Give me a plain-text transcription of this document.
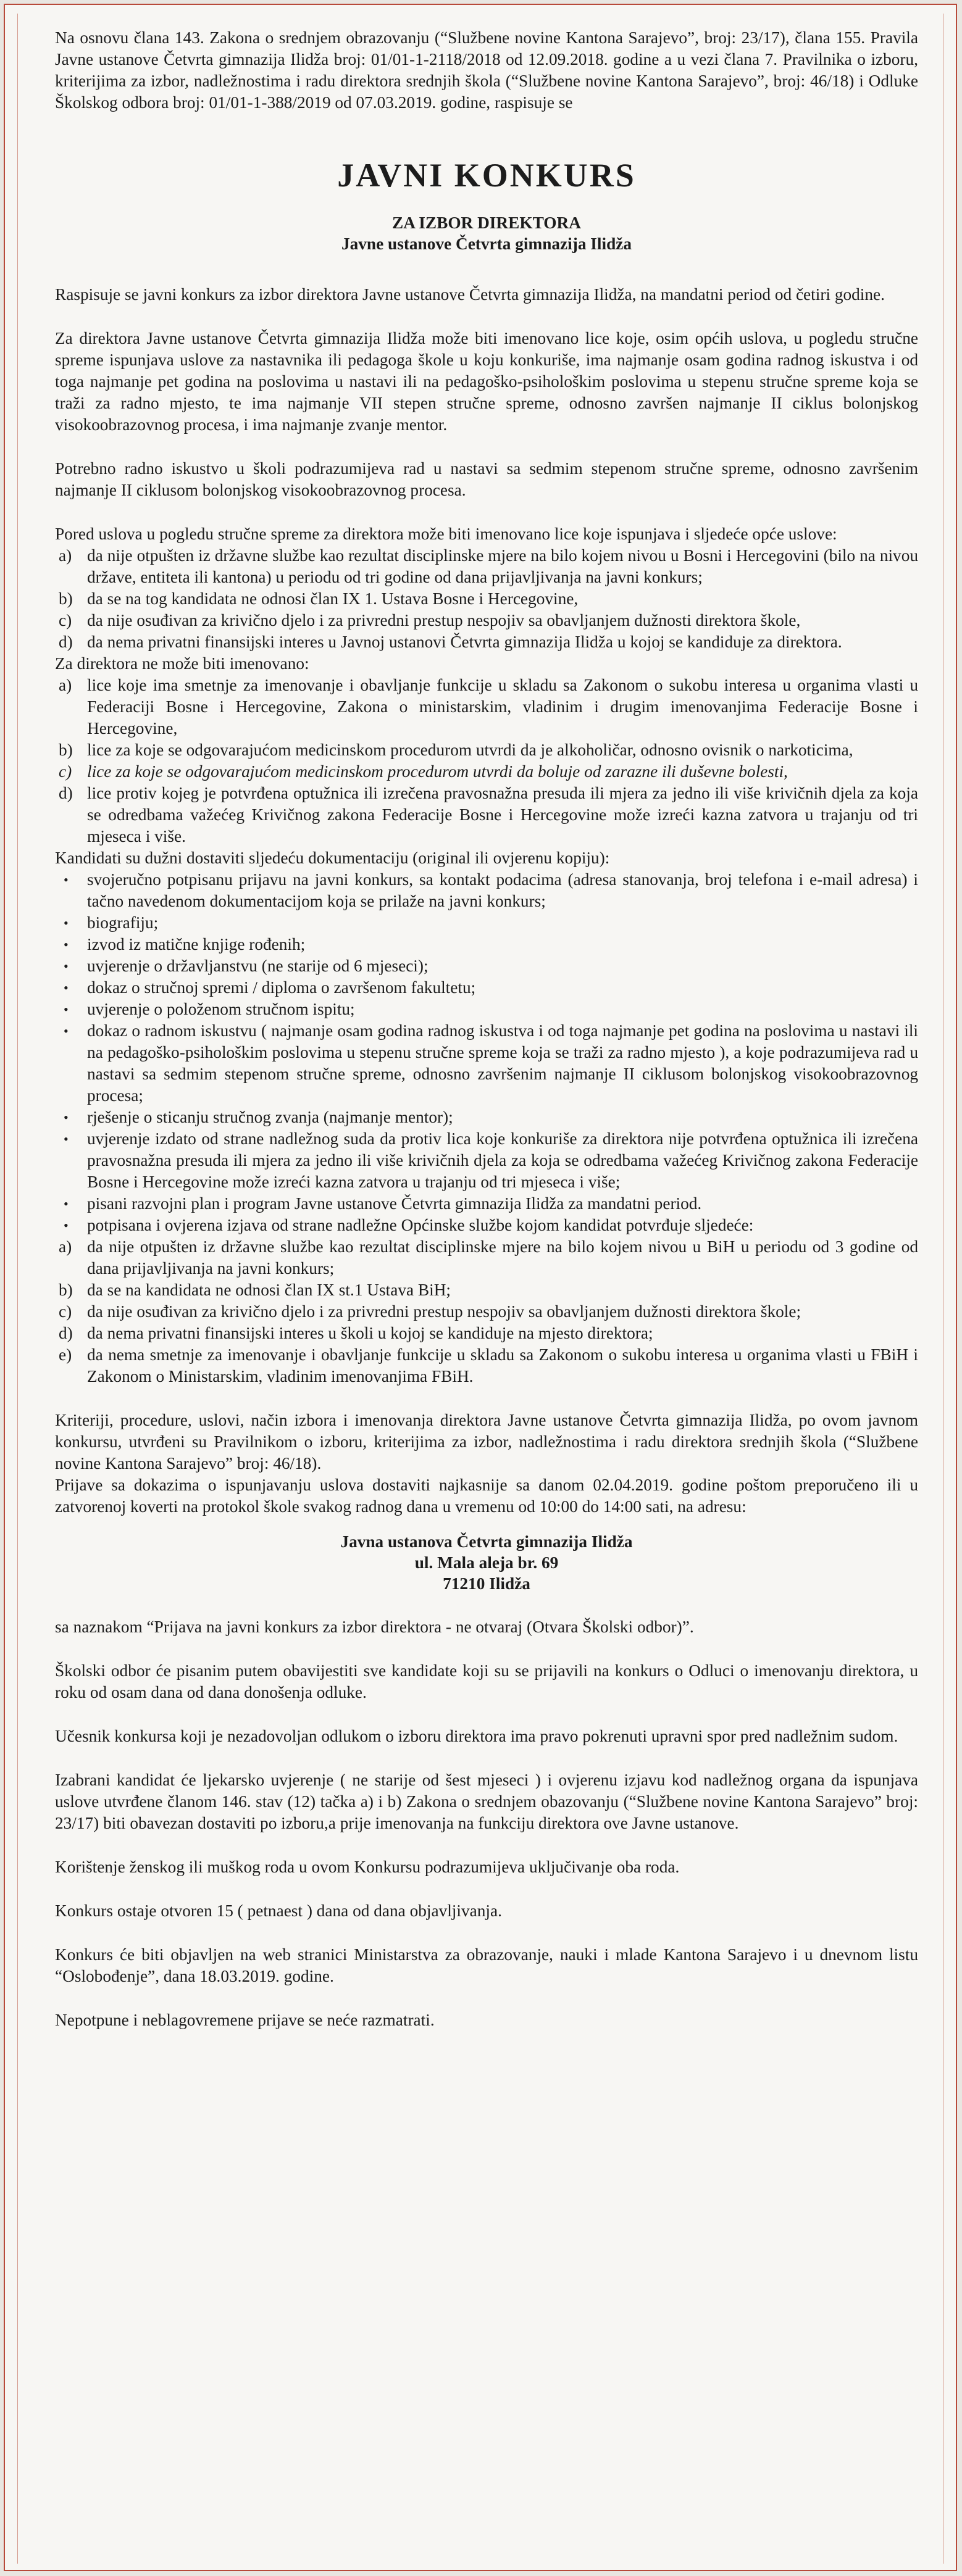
Na osnovu člana 143. Zakona o srednjem obrazovanju (“Službene novine Kantona Sarajevo”, broj: 23/17), člana 155. Pravila Javne ustanove Četvrta gimnazija Ilidža broj: 01/01-1-2118/2018 od 12.09.2018. godine a u vezi člana 7. Pravilnika o izboru, kriterijima za izbor, nadležnostima i radu direktora srednjih škola (“Službene novine Kantona Sarajevo”, broj: 46/18) i Odluke Školskog odbora broj: 01/01-1-388/2019 od 07.03.2019. godine, raspisuje se

JAVNI KONKURS
ZA IZBOR DIREKTORA
Javne ustanove Četvrta gimnazija Ilidža

Raspisuje se javni konkurs za izbor direktora Javne ustanove Četvrta gimnazija Ilidža, na mandatni period od četiri godine.

Za direktora Javne ustanove Četvrta gimnazija Ilidža može biti imenovano lice koje, osim općih uslova, u pogledu stručne spreme ispunjava uslove za nastavnika ili pedagoga škole u koju konkuriše, ima najmanje osam godina radnog iskustva i od toga najmanje pet godina na poslovima u nastavi ili na pedagoško-psihološkim poslovima u stepenu stručne spreme koja se traži za radno mjesto, te ima najmanje VII stepen stručne spreme, odnosno završen najmanje II ciklus bolonjskog visokoobrazovnog procesa, i ima najmanje zvanje mentor.

Potrebno radno iskustvo u školi podrazumijeva rad u nastavi sa sedmim stepenom stručne spreme, odnosno završenim najmanje II ciklusom bolonjskog visokoobrazovnog procesa.

Pored uslova u pogledu stručne spreme za direktora može biti imenovano lice koje ispunjava i sljedeće opće uslove:

a) da nije otpušten iz državne službe kao rezultat disciplinske mjere na bilo kojem nivou u Bosni i Hercegovini (bilo na nivou države, entiteta ili kantona) u periodu od tri godine od dana prijavljivanja na javni konkurs;
b) da se na tog kandidata ne odnosi član IX 1. Ustava Bosne i Hercegovine,
c) da nije osuđivan za krivično djelo i za privredni prestup nespojiv sa obavljanjem dužnosti direktora škole,
d) da nema privatni finansijski interes u Javnoj ustanovi Četvrta gimnazija Ilidža u kojoj se kandiduje za direktora.

Za direktora ne može biti imenovano:

a) lice koje ima smetnje za imenovanje i obavljanje funkcije u skladu sa Zakonom o sukobu interesa u organima vlasti u Federaciji Bosne i Hercegovine, Zakona o ministarskim, vladinim i drugim imenovanjima Federacije Bosne i Hercegovine,
b) lice za koje se odgovarajućom medicinskom procedurom utvrdi da je alkoholičar, odnosno ovisnik o narkoticima,
c) lice za koje se odgovarajućom medicinskom procedurom utvrdi da boluje od zarazne ili duševne bolesti,
d) lice protiv kojeg je potvrđena optužnica ili izrečena pravosnažna presuda ili mjera za jedno ili više krivičnih djela za koja se odredbama važećeg Krivičnog zakona Federacije Bosne i Hercegovine može izreći kazna zatvora u trajanju od tri mjeseca i više.

Kandidati su dužni dostaviti sljedeću dokumentaciju (original ili ovjerenu kopiju):

•	svojeručno potpisanu prijavu na javni konkurs, sa kontakt podacima (adresa stanovanja, broj telefona i e-mail adresa) i tačno navedenom dokumentacijom koja se prilaže na javni konkurs;
•	biografiju;
•	izvod iz matične knjige rođenih;
•	uvjerenje o državljanstvu (ne starije od 6 mjeseci);
•	dokaz o stručnoj spremi / diploma o završenom fakultetu;
•	uvjerenje o položenom stručnom ispitu;
•	dokaz o radnom iskustvu ( najmanje osam godina radnog iskustva i od toga najmanje pet godina na poslovima u nastavi ili na pedagoško-psihološkim poslovima u stepenu stručne spreme koja se traži za radno mjesto ), a koje podrazumijeva rad u nastavi sa sedmim stepenom stručne spreme, odnosno završenim najmanje II ciklusom bolonjskog visokoobrazovnog procesa;
•	rješenje o sticanju stručnog zvanja (najmanje mentor);
•	uvjerenje izdato od strane nadležnog suda da protiv lica koje konkuriše za direktora nije potvrđena optužnica ili izrečena pravosnažna presuda ili mjera za jedno ili više krivičnih djela za koja se odredbama važećeg Krivičnog zakona Federacije Bosne i Hercegovine može izreći kazna zatvora u trajanju od tri mjeseca i više;
•	pisani razvojni plan i program Javne ustanove Četvrta gimnazija Ilidža za mandatni period.
•	potpisana i ovjerena izjava od strane nadležne Općinske službe kojom kandidat potvrđuje sljedeće:
a) da nije otpušten iz državne službe kao rezultat disciplinske mjere na bilo kojem nivou u BiH u periodu od 3 godine od dana prijavljivanja na javni konkurs;
b) da se na kandidata ne odnosi član IX st.1 Ustava BiH;
c) da nije osuđivan za krivično djelo i za privredni prestup nespojiv sa obavljanjem dužnosti direktora škole;
d) da nema privatni finansijski interes u školi u kojoj se kandiduje na mjesto direktora;
e) da nema smetnje za imenovanje i obavljanje funkcije u skladu sa Zakonom o sukobu interesa u organima vlasti u FBiH i Zakonom o Ministarskim, vladinim imenovanjima FBiH.

Kriteriji, procedure, uslovi, način izbora i imenovanja direktora Javne ustanove Četvrta gimnazija Ilidža, po ovom javnom konkursu, utvrđeni su Pravilnikom o izboru, kriterijima za izbor, nadležnostima i radu direktora srednjih škola (“Službene novine Kantona Sarajevo” broj: 46/18).

Prijave sa dokazima o ispunjavanju uslova dostaviti najkasnije sa danom 02.04.2019. godine poštom preporučeno ili u zatvorenoj koverti na protokol škole svakog radnog dana u vremenu od 10:00 do 14:00 sati, na adresu:

Javna ustanova Četvrta gimnazija Ilidža
ul. Mala aleja br. 69
71210 Ilidža

sa naznakom “Prijava na javni konkurs za izbor direktora - ne otvaraj (Otvara Školski odbor)”.

Školski odbor će pisanim putem obavijestiti sve kandidate koji su se prijavili na konkurs o Odluci o imenovanju direktora, u roku od osam dana od dana donošenja odluke.

Učesnik konkursa koji je nezadovoljan odlukom o izboru direktora ima pravo pokrenuti upravni spor pred nadležnim sudom.

Izabrani kandidat će ljekarsko uvjerenje ( ne starije od šest mjeseci ) i ovjerenu izjavu kod nadležnog organa da ispunjava uslove utvrđene članom 146. stav (12) tačka a) i b) Zakona o srednjem obazovanju (“Službene novine Kantona Sarajevo” broj: 23/17) biti obavezan dostaviti po izboru,a prije imenovanja na funkciju direktora ove Javne ustanove.

Korištenje ženskog ili muškog roda u ovom Konkursu podrazumijeva uključivanje oba roda.

Konkurs ostaje otvoren 15 ( petnaest ) dana od dana objavljivanja.

Konkurs će biti objavljen na web stranici Ministarstva za obrazovanje, nauki i mlade Kantona Sarajevo i u dnevnom listu “Oslobođenje”, dana 18.03.2019. godine.

Nepotpune i neblagovremene prijave se neće razmatrati.
